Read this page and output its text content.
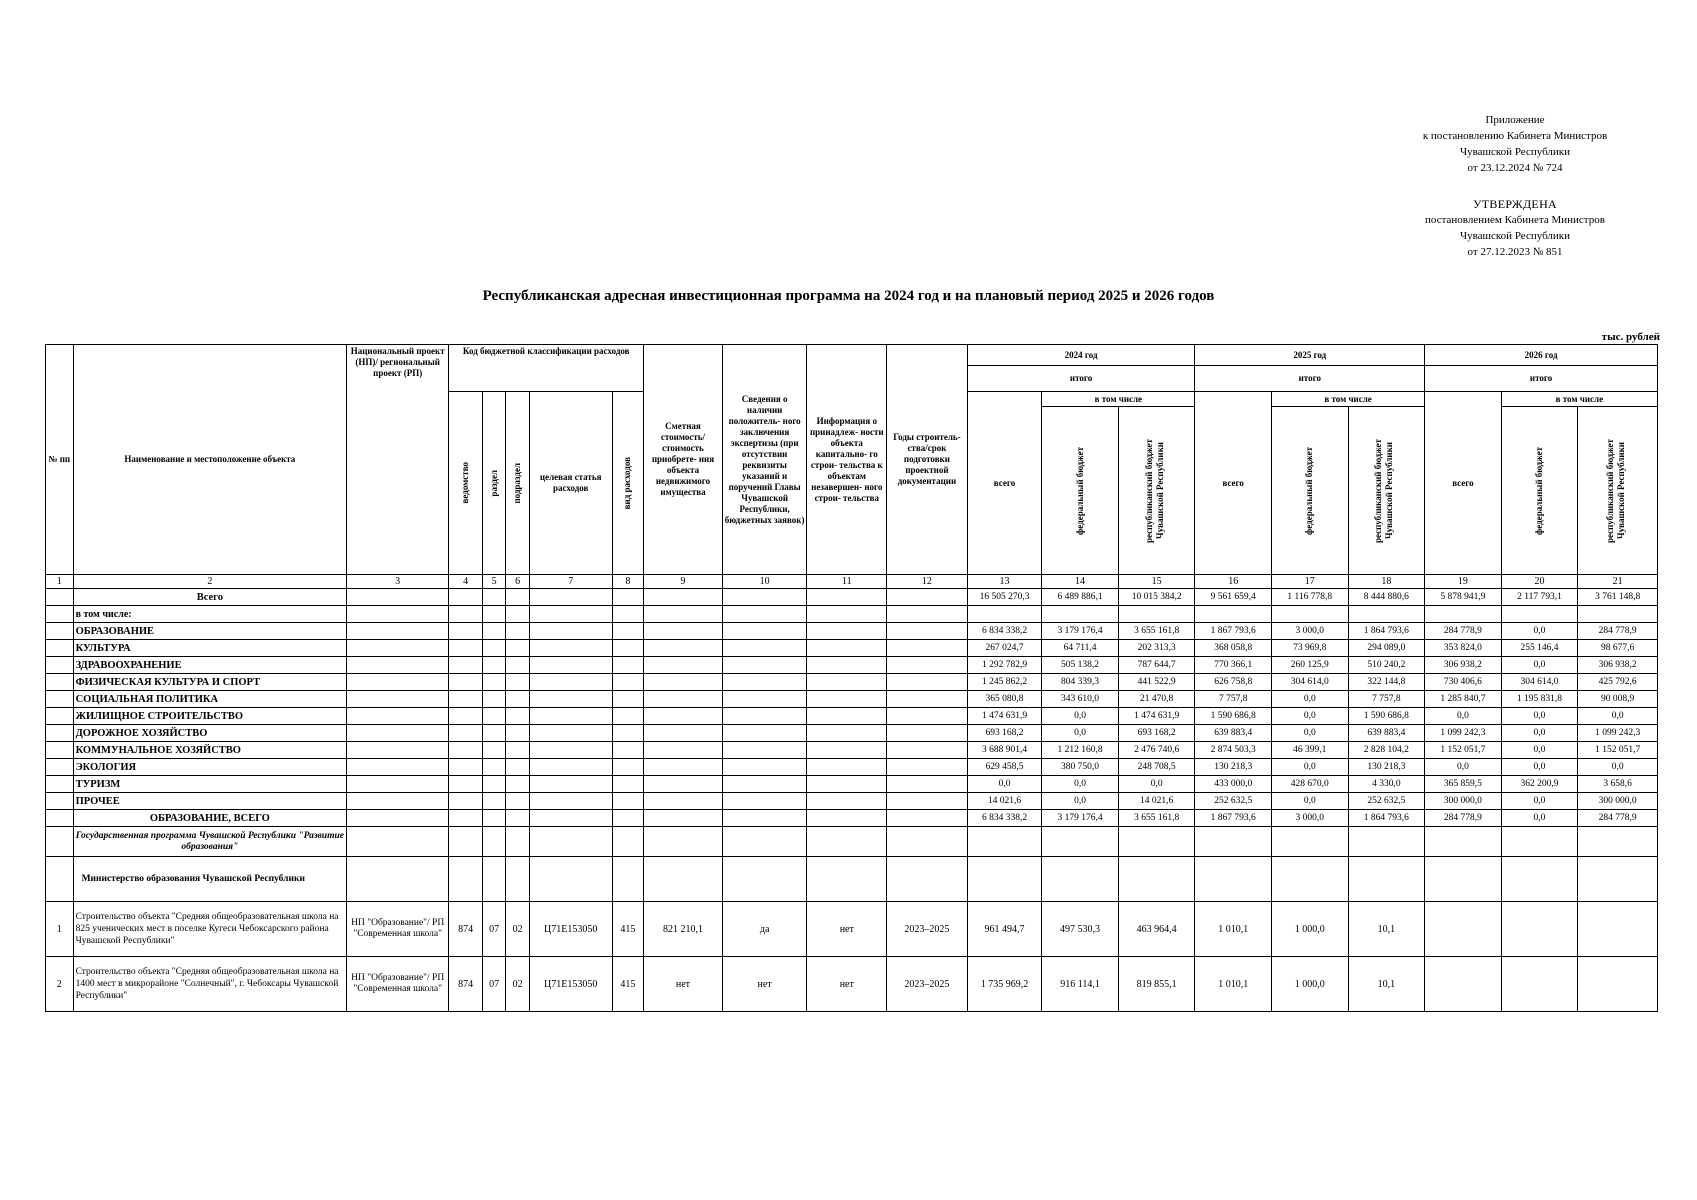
Приложение
к постановлению Кабинета Министров
Чувашской Республики
от 23.12.2024 № 724
УТВЕРЖДЕНА
постановлением Кабинета Министров
Чувашской Республики
от 27.12.2023 № 851
Республиканская адресная инвестиционная программа на 2024 год и на плановый период 2025 и 2026 годов
тыс. рублей
№ пп	Наименование и местоположение объекта	Национальный проект (НП)/ региональный проект (РП)	Код бюджетной классификации расходов					Сметная стоимость/ стоимость приобрете- ния объекта недвижимого имущества	Сведения о наличии положитель- ного заключения экспертизы (при отсутствии реквизиты указаний и поручений Главы Чувашской Республики, бюджетных заявок)	Информация о принадлеж- ности объекта капитально- го строи- тельства к объектам незавершен- ного строи- тельства	Годы строитель- ства/срок подготовки проектной документации	2024 год			2025 год			2026 год		
												итого			итого			итого		

			ведомство	раздел	подраздел	целевая статья расходов	вид расходов					всего	в том числе		всего	в том числе		всего	в том числе	

													федеральный бюджет	республиканский бюджет Чувашской Республики		федеральный бюджет	республиканский бюджет Чувашской Республики		федеральный бюджет	республиканский бюджет Чувашской Республики

1	2	3	4	5	6	7	8	9	10	11	12	13	14	15	16	17	18	19	20	21
	Всего											16 505 270,3	6 489 886,1	10 015 384,2	9 561 659,4	1 116 778,8	8 444 880,6	5 878 941,9	2 117 793,1	3 761 148,8
	в том числе:																			
	ОБРАЗОВАНИЕ											6 834 338,2	3 179 176,4	3 655 161,8	1 867 793,6	3 000,0	1 864 793,6	284 778,9	0,0	284 778,9
	КУЛЬТУРА											267 024,7	64 711,4	202 313,3	368 058,8	73 969,8	294 089,0	353 824,0	255 146,4	98 677,6
	ЗДРАВООХРАНЕНИЕ											1 292 782,9	505 138,2	787 644,7	770 366,1	260 125,9	510 240,2	306 938,2	0,0	306 938,2
	ФИЗИЧЕСКАЯ КУЛЬТУРА И СПОРТ											1 245 862,2	804 339,3	441 522,9	626 758,8	304 614,0	322 144,8	730 406,6	304 614,0	425 792,6
	СОЦИАЛЬНАЯ ПОЛИТИКА											365 080,8	343 610,0	21 470,8	7 757,8	0,0	7 757,8	1 285 840,7	1 195 831,8	90 008,9
	ЖИЛИЩНОЕ СТРОИТЕЛЬСТВО											1 474 631,9	0,0	1 474 631,9	1 590 686,8	0,0	1 590 686,8	0,0	0,0	0,0
	ДОРОЖНОЕ ХОЗЯЙСТВО											693 168,2	0,0	693 168,2	639 883,4	0,0	639 883,4	1 099 242,3	0,0	1 099 242,3
	КОММУНАЛЬНОЕ ХОЗЯЙСТВО											3 688 901,4	1 212 160,8	2 476 740,6	2 874 503,3	46 399,1	2 828 104,2	1 152 051,7	0,0	1 152 051,7
	ЭКОЛОГИЯ											629 458,5	380 750,0	248 708,5	130 218,3	0,0	130 218,3	0,0	0,0	0,0
	ТУРИЗМ											0,0	0,0	0,0	433 000,0	428 670,0	4 330,0	365 859,5	362 200,9	3 658,6
	ПРОЧЕЕ											14 021,6	0,0	14 021,6	252 632,5	0,0	252 632,5	300 000,0	0,0	300 000,0
	ОБРАЗОВАНИЕ, ВСЕГО											6 834 338,2	3 179 176,4	3 655 161,8	1 867 793,6	3 000,0	1 864 793,6	284 778,9	0,0	284 778,9
	Государственная программа Чувашской Республики "Развитие образования"																			
	Министерство образования Чувашской Республики																			
1	Строительство объекта "Средняя общеобразовательная школа на 825 ученических мест в поселке Кугеси Чебоксарского района Чувашской Республики"	НП "Образование"/ РП "Современная школа"	874	07	02	Ц71Е153050	415	821 210,1	да	нет	2023–2025	961 494,7	497 530,3	463 964,4	1 010,1	1 000,0	10,1			
2	Строительство объекта "Средняя общеобразовательная школа на 1400 мест в микрорайоне "Солнечный", г. Чебоксары Чувашской Республики"	НП "Образование"/ РП "Современная школа"	874	07	02	Ц71Е153050	415	нет	нет	нет	2023–2025	1 735 969,2	916 114,1	819 855,1	1 010,1	1 000,0	10,1			
